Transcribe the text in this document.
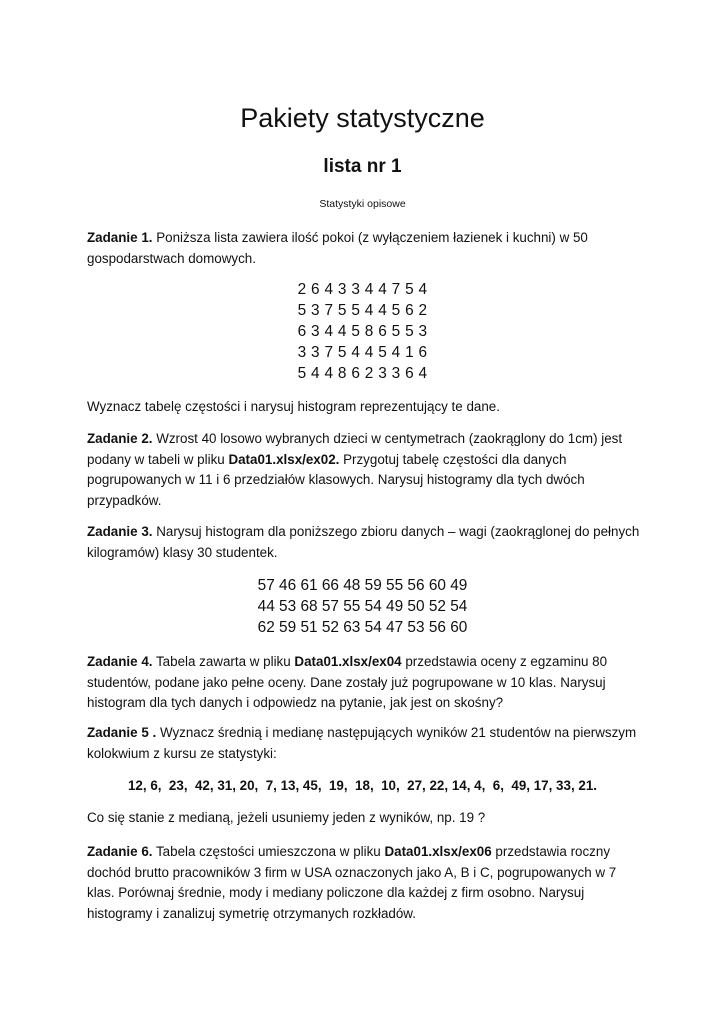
Pakiety statystyczne
lista nr 1
Statystyki opisowe

Zadanie 1. Poniższa lista zawiera ilość pokoi (z wyłączeniem łazienek i kuchni) w 50 gospodarstwach domowych.

2 6 4 3 3 4 4 7 5 4
5 3 7 5 5 4 4 5 6 2
6 3 4 4 5 8 6 5 5 3
3 3 7 5 4 4 5 4 1 6
5 4 4 8 6 2 3 3 6 4

Wyznacz tabelę częstości i narysuj histogram reprezentujący te dane.

Zadanie 2. Wzrost 40 losowo wybranych dzieci w centymetrach (zaokrąglony do 1cm) jest podany w tabeli w pliku Data01.xlsx/ex02. Przygotuj tabelę częstości dla danych pogrupowanych w 11 i 6 przedziałów klasowych. Narysuj histogramy dla tych dwóch przypadków.

Zadanie 3. Narysuj histogram dla poniższego zbioru danych – wagi (zaokrąglonej do pełnych kilogramów) klasy 30 studentek.

57 46 61 66 48 59 55 56 60 49
44 53 68 57 55 54 49 50 52 54
62 59 51 52 63 54 47 53 56 60

Zadanie 4. Tabela zawarta w pliku Data01.xlsx/ex04 przedstawia oceny z egzaminu 80 studentów, podane jako pełne oceny. Dane zostały już pogrupowane w 10 klas. Narysuj histogram dla tych danych i odpowiedz na pytanie, jak jest on skośny?

Zadanie 5 . Wyznacz średnią i medianę następujących wyników 21 studentów na pierwszym kolokwium z kursu ze statystyki:

12, 6,  23,  42, 31, 20,  7, 13, 45,  19,  18,  10,  27, 22, 14, 4,  6,  49, 17, 33, 21.

Co się stanie z medianą, jeżeli usuniemy jeden z wyników, np. 19 ?

Zadanie 6. Tabela częstości umieszczona w pliku Data01.xlsx/ex06 przedstawia roczny dochód brutto pracowników 3 firm w USA oznaczonych jako A, B i C, pogrupowanych w 7 klas. Porównaj średnie, mody i mediany policzone dla każdej z firm osobno. Narysuj histogramy i zanalizuj symetrię otrzymanych rozkładów.
